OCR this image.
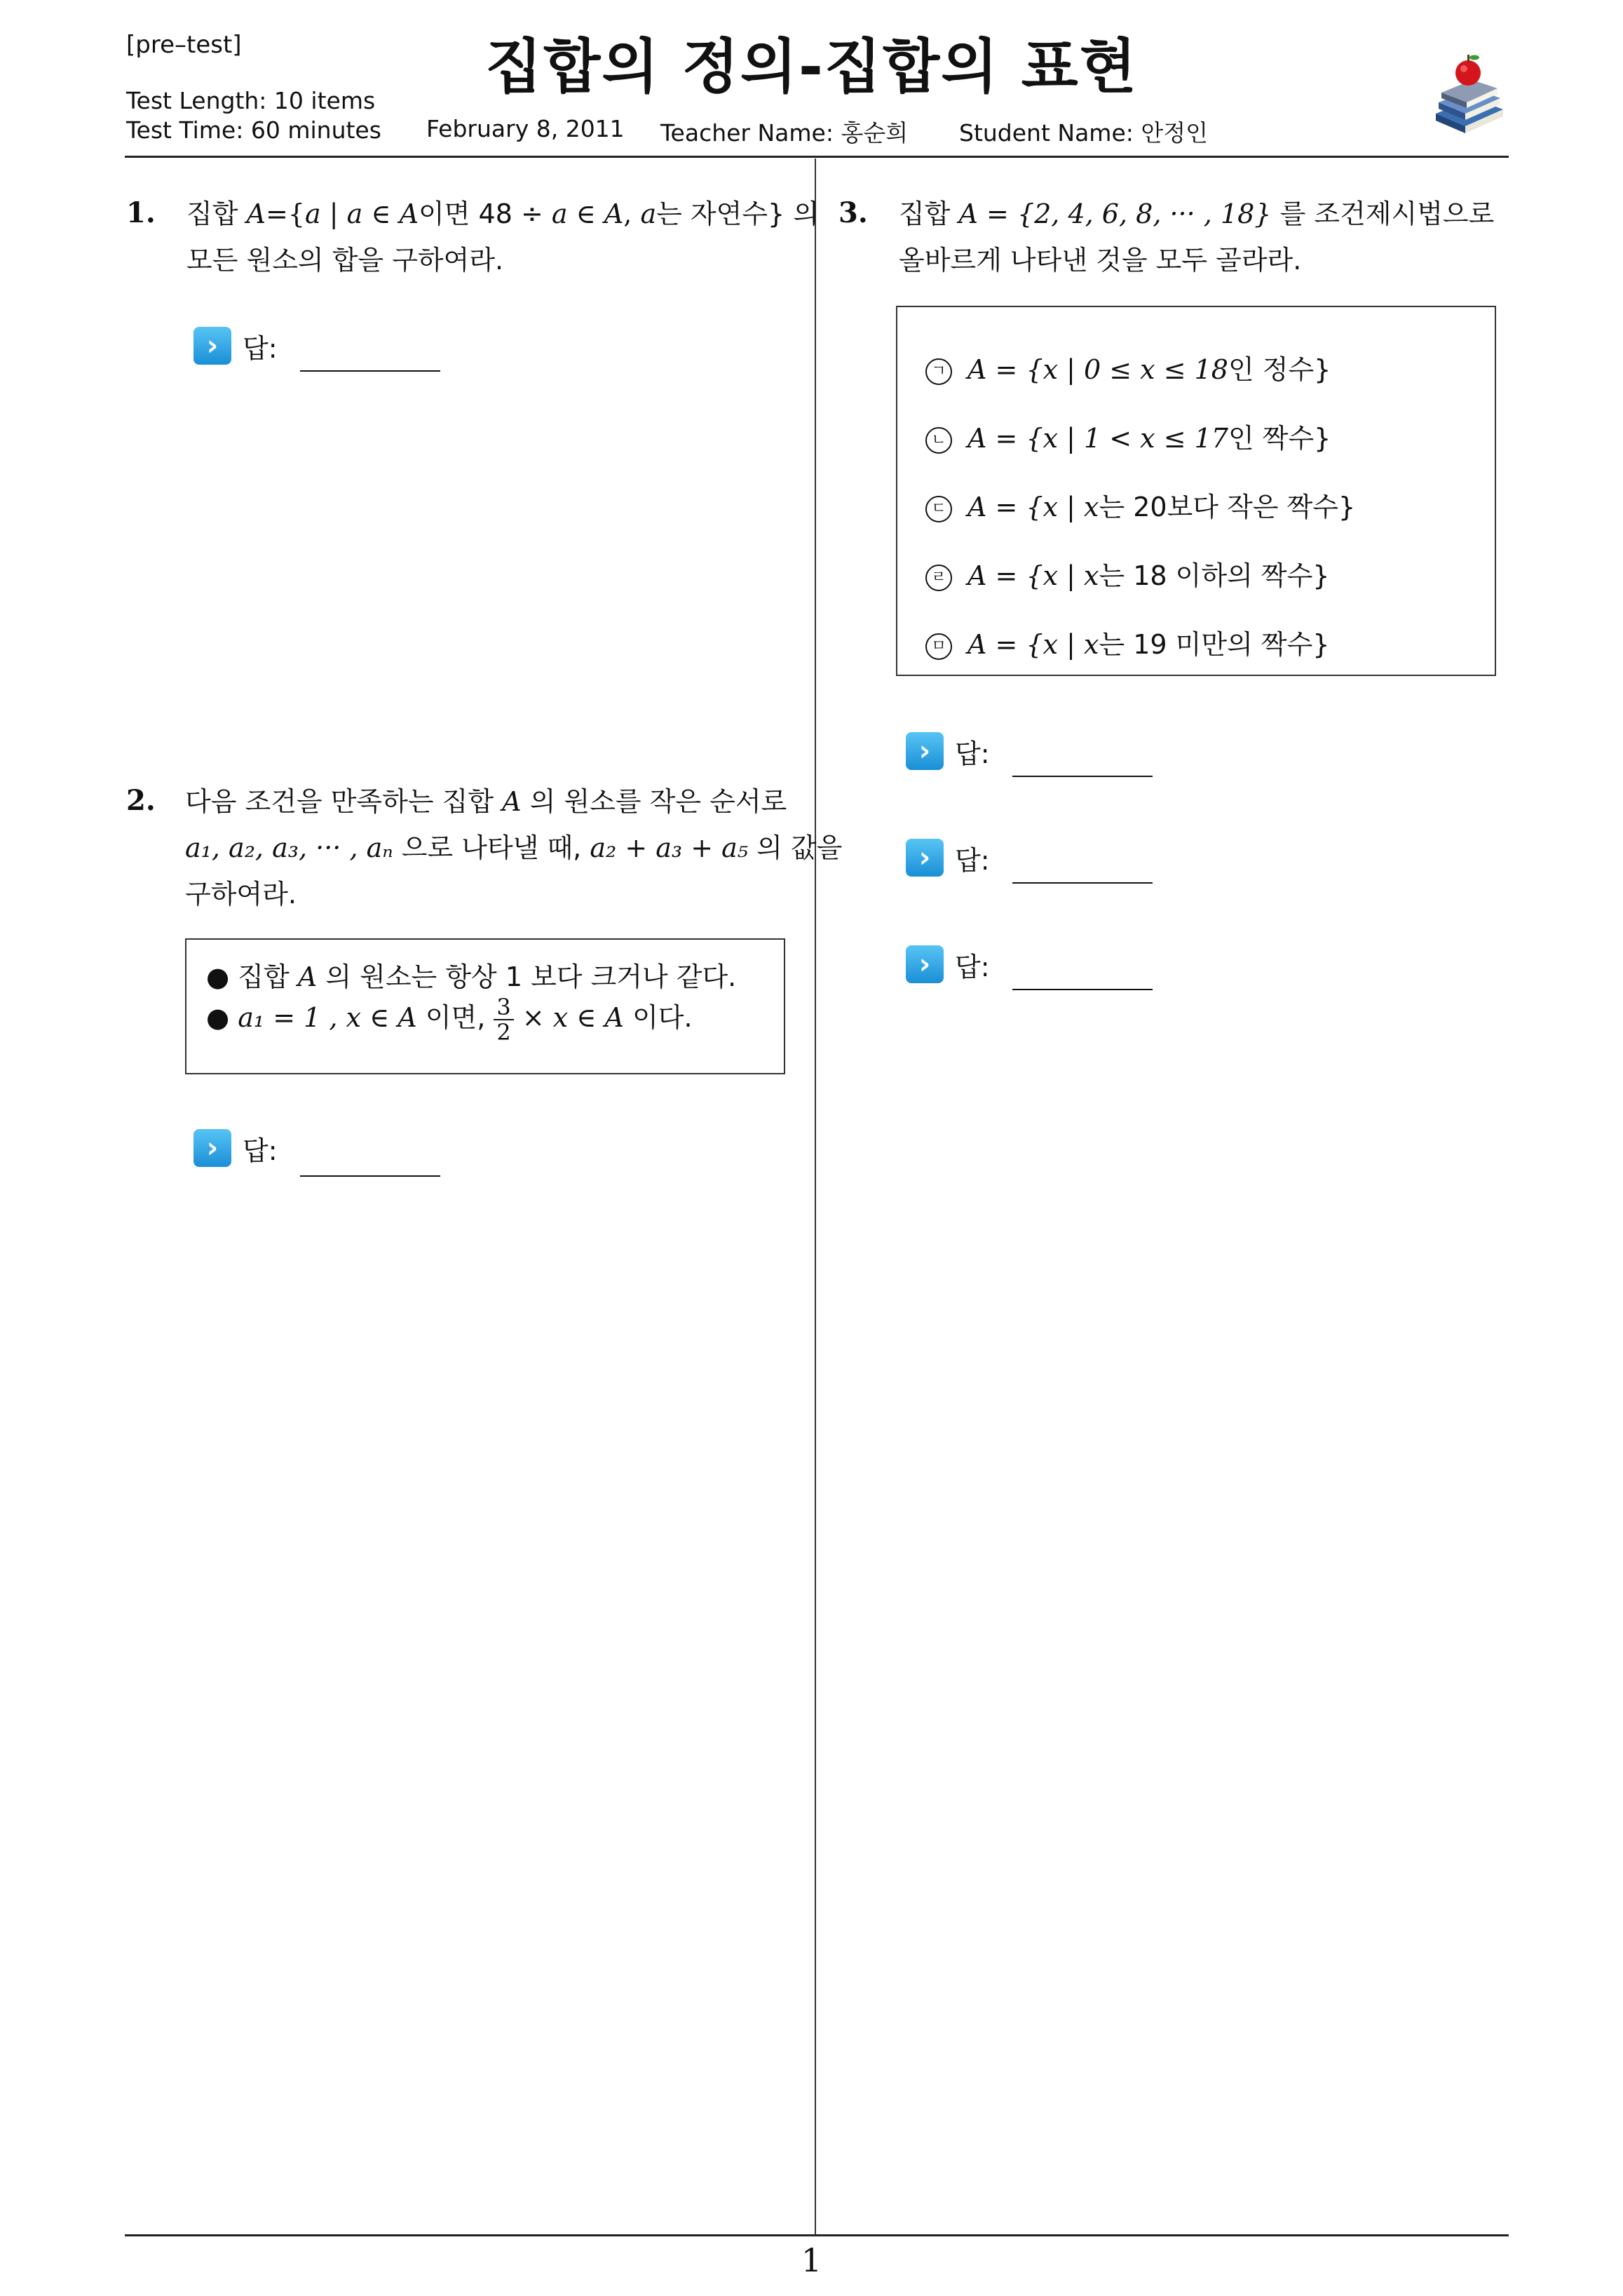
[pre–test]	집합의 정의-집합의 표현
Test Length: 10 items
Test Time: 60 minutes February 8, 2011 Teacher Name: 홍순희 Student Name: 안정인
1. 집합 A={a | a ∈ A이면 48 ÷ a ∈ A, a는 자연수} 의
모든 원소의 합을 구하여라.
› 답:
2. 다음 조건을 만족하는 집합 A 의 원소를 작은 순서로
a₁, a₂, a₃, ··· , aₙ 으로 나타낼 때, a₂ + a₃ + a₅ 의 값을
구하여라.
● 집합 A 의 원소는 항상 1 보다 크거나 같다.
● a₁ = 1 , x ∈ A 이면, $\frac{3}{2} \times x$ ∈ A 이다.
› 답:
3. 집합 A = {2, 4, 6, 8, ··· , 18} 를 조건제시법으로
올바르게 나타낸 것을 모두 골라라.
ㄱ A = {x | 0 ≤ x ≤ 18인 정수}
ㄴ A = {x | 1 < x ≤ 17인 짝수}
ㄷ A = {x | x는 20보다 작은 짝수}
ㄹ A = {x | x는 18 이하의 짝수}
ㅁ A = {x | x는 19 미만의 짝수}
› 답:
› 답:
› 답:
1
